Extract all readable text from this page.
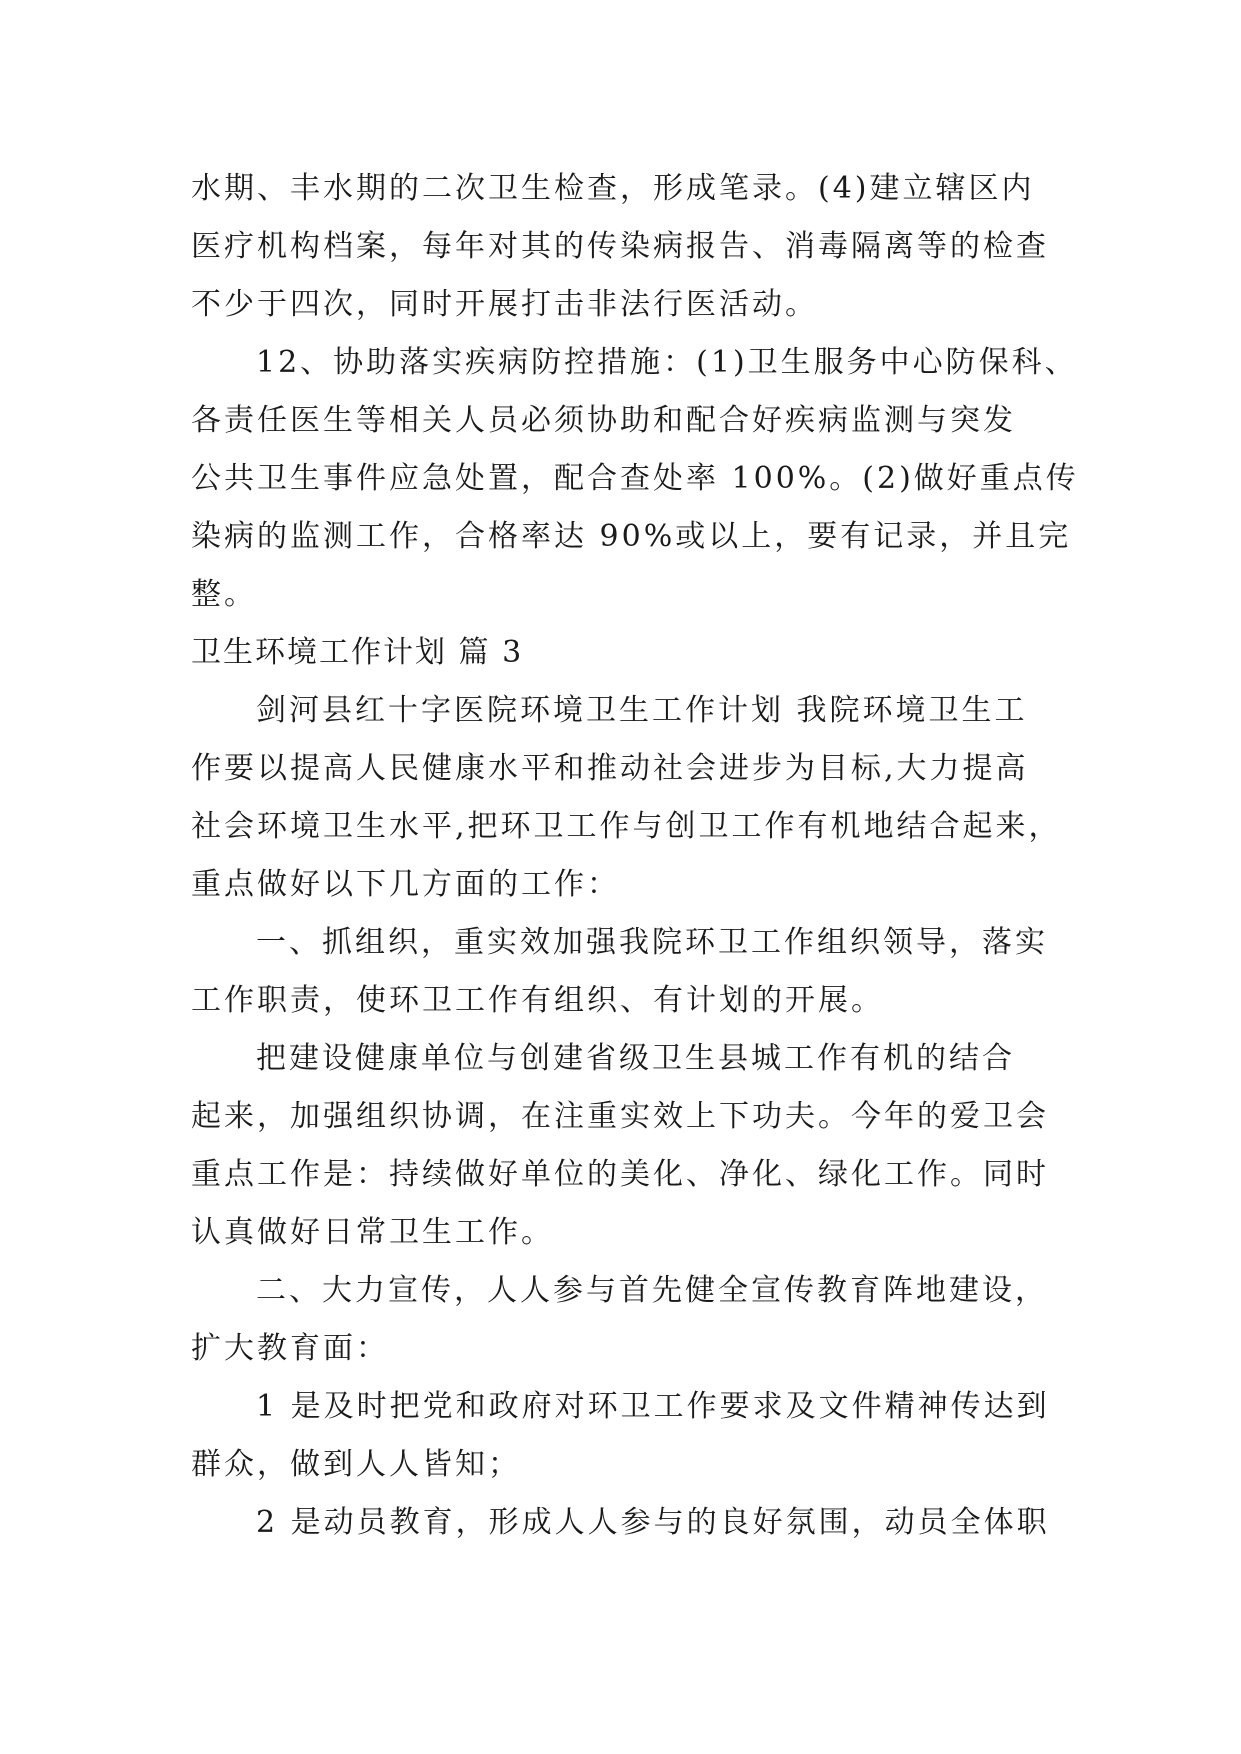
水期、丰水期的二次卫生检查，形成笔录。(4)建立辖区内
医疗机构档案，每年对其的传染病报告、消毒隔离等的检查
不少于四次，同时开展打击非法行医活动。
12、协助落实疾病防控措施：(1)卫生服务中心防保科、
各责任医生等相关人员必须协助和配合好疾病监测与突发
公共卫生事件应急处置，配合查处率 100%。(2)做好重点传
染病的监测工作，合格率达 90%或以上，要有记录，并且完
整。
卫生环境工作计划 篇 3
剑河县红十字医院环境卫生工作计划 我院环境卫生工
作要以提高人民健康水平和推动社会进步为目标,大力提高
社会环境卫生水平,把环卫工作与创卫工作有机地结合起来，
重点做好以下几方面的工作：
一、抓组织，重实效加强我院环卫工作组织领导，落实
工作职责，使环卫工作有组织、有计划的开展。
把建设健康单位与创建省级卫生县城工作有机的结合
起来，加强组织协调，在注重实效上下功夫。今年的爱卫会
重点工作是：持续做好单位的美化、净化、绿化工作。同时
认真做好日常卫生工作。
二、大力宣传，人人参与首先健全宣传教育阵地建设，
扩大教育面：
1 是及时把党和政府对环卫工作要求及文件精神传达到
群众，做到人人皆知；
2 是动员教育，形成人人参与的良好氛围，动员全体职
